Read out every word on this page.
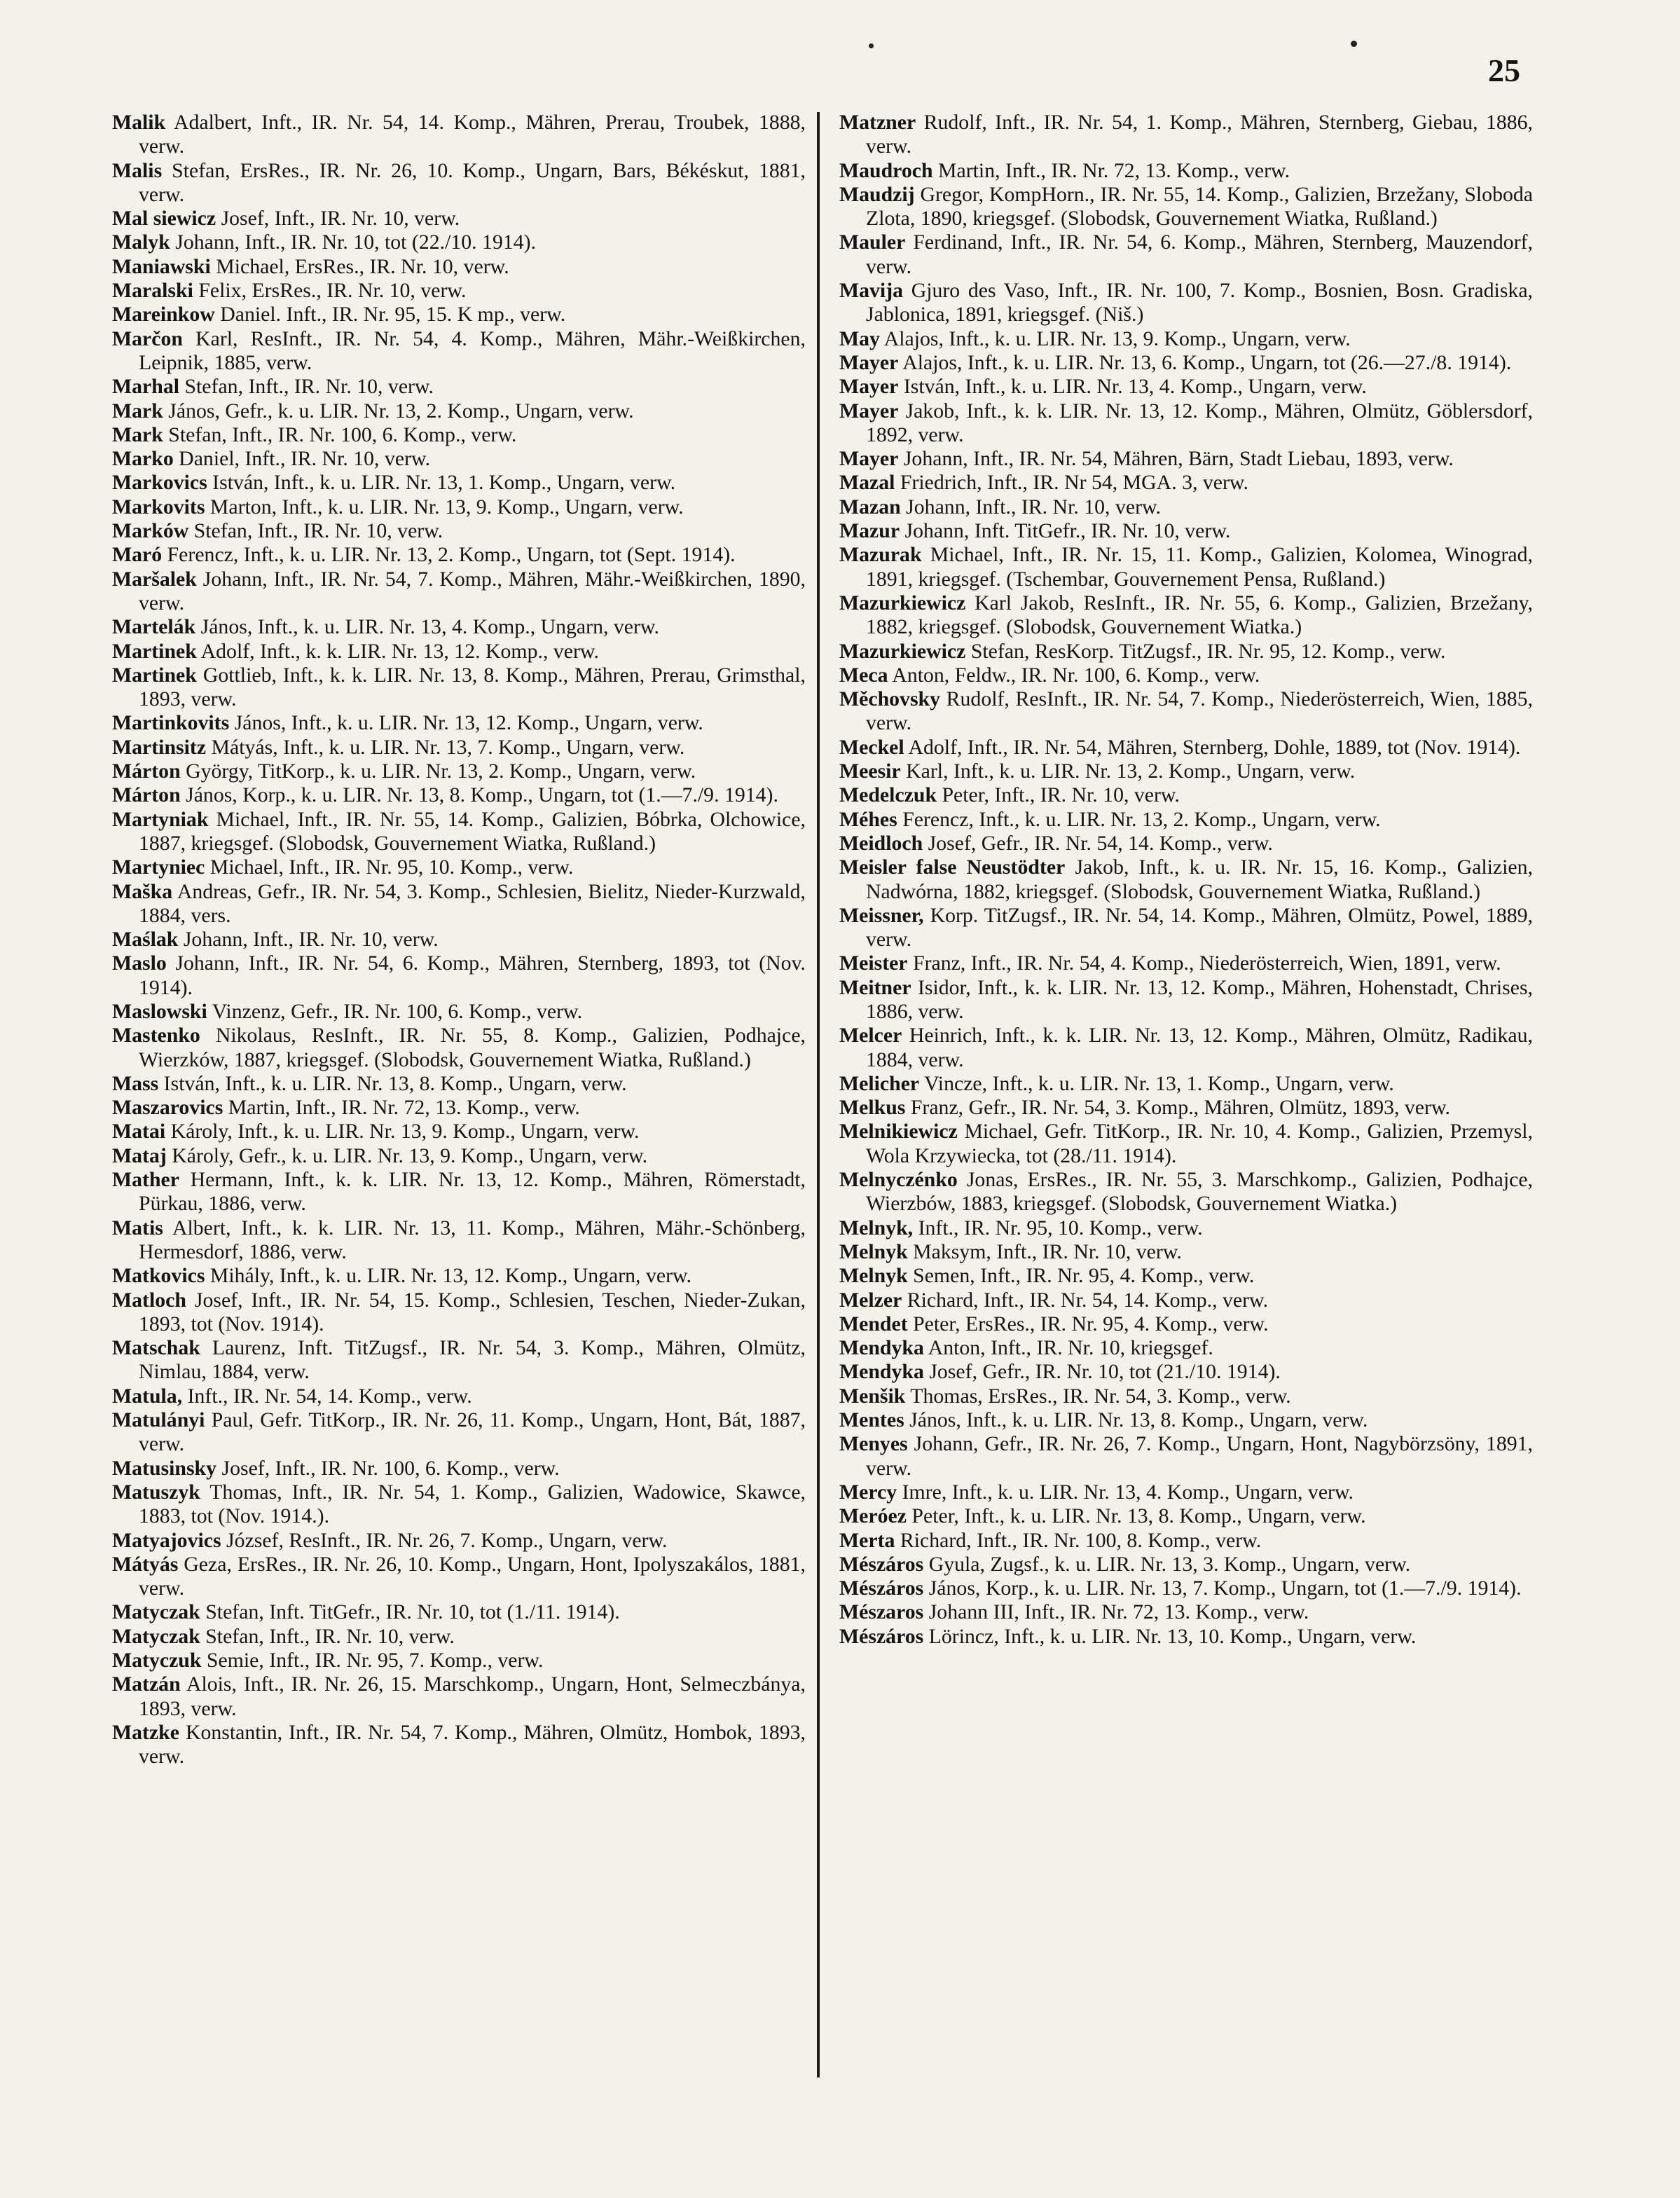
25

Malik Adalbert, Inft., IR. Nr. 54, 14. Komp., Mähren, Prerau, Troubek, 1888, verw.

Malis Stefan, ErsRes., IR. Nr. 26, 10. Komp., Ungarn, Bars, Békéskut, 1881, verw.

Mal siewicz Josef, Inft., IR. Nr. 10, verw.

Malyk Johann, Inft., IR. Nr. 10, tot (22./10. 1914).

Maniawski Michael, ErsRes., IR. Nr. 10, verw.

Maralski Felix, ErsRes., IR. Nr. 10, verw.

Mareinkow Daniel. Inft., IR. Nr. 95, 15. K mp., verw.

Marčon Karl, ResInft., IR. Nr. 54, 4. Komp., Mähren, Mähr.-Weißkirchen, Leipnik, 1885, verw.

Marhal Stefan, Inft., IR. Nr. 10, verw.

Mark János, Gefr., k. u. LIR. Nr. 13, 2. Komp., Ungarn, verw.

Mark Stefan, Inft., IR. Nr. 100, 6. Komp., verw.

Marko Daniel, Inft., IR. Nr. 10, verw.

Markovics István, Inft., k. u. LIR. Nr. 13, 1. Komp., Ungarn, verw.

Markovits Marton, Inft., k. u. LIR. Nr. 13, 9. Komp., Ungarn, verw.

Marków Stefan, Inft., IR. Nr. 10, verw.

Maró Ferencz, Inft., k. u. LIR. Nr. 13, 2. Komp., Ungarn, tot (Sept. 1914).

Maršalek Johann, Inft., IR. Nr. 54, 7. Komp., Mähren, Mähr.-Weißkirchen, 1890, verw.

Martelák János, Inft., k. u. LIR. Nr. 13, 4. Komp., Ungarn, verw.

Martinek Adolf, Inft., k. k. LIR. Nr. 13, 12. Komp., verw.

Martinek Gottlieb, Inft., k. k. LIR. Nr. 13, 8. Komp., Mähren, Prerau, Grimsthal, 1893, verw.

Martinkovits János, Inft., k. u. LIR. Nr. 13, 12. Komp., Ungarn, verw.

Martinsitz Mátyás, Inft., k. u. LIR. Nr. 13, 7. Komp., Ungarn, verw.

Márton György, TitKorp., k. u. LIR. Nr. 13, 2. Komp., Ungarn, verw.

Márton János, Korp., k. u. LIR. Nr. 13, 8. Komp., Ungarn, tot (1.—7./9. 1914).

Martyniak Michael, Inft., IR. Nr. 55, 14. Komp., Galizien, Bóbrka, Olchowice, 1887, kriegsgef. (Slobodsk, Gouvernement Wiatka, Rußland.)

Martyniec Michael, Inft., IR. Nr. 95, 10. Komp., verw.

Maška Andreas, Gefr., IR. Nr. 54, 3. Komp., Schlesien, Bielitz, Nieder-Kurzwald, 1884, vers.

Maślak Johann, Inft., IR. Nr. 10, verw.

Maslo Johann, Inft., IR. Nr. 54, 6. Komp., Mähren, Sternberg, 1893, tot (Nov. 1914).

Maslowski Vinzenz, Gefr., IR. Nr. 100, 6. Komp., verw.

Mastenko Nikolaus, ResInft., IR. Nr. 55, 8. Komp., Galizien, Podhajce, Wierzków, 1887, kriegsgef. (Slobodsk, Gouvernement Wiatka, Rußland.)

Mass István, Inft., k. u. LIR. Nr. 13, 8. Komp., Ungarn, verw.

Maszarovics Martin, Inft., IR. Nr. 72, 13. Komp., verw.

Matai Károly, Inft., k. u. LIR. Nr. 13, 9. Komp., Ungarn, verw.

Mataj Károly, Gefr., k. u. LIR. Nr. 13, 9. Komp., Ungarn, verw.

Mather Hermann, Inft., k. k. LIR. Nr. 13, 12. Komp., Mähren, Römerstadt, Pürkau, 1886, verw.

Matis Albert, Inft., k. k. LIR. Nr. 13, 11. Komp., Mähren, Mähr.-Schönberg, Hermesdorf, 1886, verw.

Matkovics Mihály, Inft., k. u. LIR. Nr. 13, 12. Komp., Ungarn, verw.

Matloch Josef, Inft., IR. Nr. 54, 15. Komp., Schlesien, Teschen, Nieder-Zukan, 1893, tot (Nov. 1914).

Matschak Laurenz, Inft. TitZugsf., IR. Nr. 54, 3. Komp., Mähren, Olmütz, Nimlau, 1884, verw.

Matula, Inft., IR. Nr. 54, 14. Komp., verw.

Matulányi Paul, Gefr. TitKorp., IR. Nr. 26, 11. Komp., Ungarn, Hont, Bát, 1887, verw.

Matusinsky Josef, Inft., IR. Nr. 100, 6. Komp., verw.

Matuszyk Thomas, Inft., IR. Nr. 54, 1. Komp., Galizien, Wadowice, Skawce, 1883, tot (Nov. 1914.).

Matyajovics József, ResInft., IR. Nr. 26, 7. Komp., Ungarn, verw.

Mátyás Geza, ErsRes., IR. Nr. 26, 10. Komp., Ungarn, Hont, Ipolyszakálos, 1881, verw.

Matyczak Stefan, Inft. TitGefr., IR. Nr. 10, tot (1./11. 1914).

Matyczak Stefan, Inft., IR. Nr. 10, verw.

Matyczuk Semie, Inft., IR. Nr. 95, 7. Komp., verw.

Matzán Alois, Inft., IR. Nr. 26, 15. Marschkomp., Ungarn, Hont, Selmeczbánya, 1893, verw.

Matzke Konstantin, Inft., IR. Nr. 54, 7. Komp., Mähren, Olmütz, Hombok, 1893, verw.

Matzner Rudolf, Inft., IR. Nr. 54, 1. Komp., Mähren, Sternberg, Giebau, 1886, verw.

Maudroch Martin, Inft., IR. Nr. 72, 13. Komp., verw.

Maudzij Gregor, KompHorn., IR. Nr. 55, 14. Komp., Galizien, Brzežany, Sloboda Zlota, 1890, kriegsgef. (Slobodsk, Gouvernement Wiatka, Rußland.)

Mauler Ferdinand, Inft., IR. Nr. 54, 6. Komp., Mähren, Sternberg, Mauzendorf, verw.

Mavija Gjuro des Vaso, Inft., IR. Nr. 100, 7. Komp., Bosnien, Bosn. Gradiska, Jablonica, 1891, kriegsgef. (Niš.)

May Alajos, Inft., k. u. LIR. Nr. 13, 9. Komp., Ungarn, verw.

Mayer Alajos, Inft., k. u. LIR. Nr. 13, 6. Komp., Ungarn, tot (26.—27./8. 1914).

Mayer István, Inft., k. u. LIR. Nr. 13, 4. Komp., Ungarn, verw.

Mayer Jakob, Inft., k. k. LIR. Nr. 13, 12. Komp., Mähren, Olmütz, Göblersdorf, 1892, verw.

Mayer Johann, Inft., IR. Nr. 54, Mähren, Bärn, Stadt Liebau, 1893, verw.

Mazal Friedrich, Inft., IR. Nr 54, MGA. 3, verw.

Mazan Johann, Inft., IR. Nr. 10, verw.

Mazur Johann, Inft. TitGefr., IR. Nr. 10, verw.

Mazurak Michael, Inft., IR. Nr. 15, 11. Komp., Galizien, Kolomea, Winograd, 1891, kriegsgef. (Tschembar, Gouvernement Pensa, Rußland.)

Mazurkiewicz Karl Jakob, ResInft., IR. Nr. 55, 6. Komp., Galizien, Brzežany, 1882, kriegsgef. (Slobodsk, Gouvernement Wiatka.)

Mazurkiewicz Stefan, ResKorp. TitZugsf., IR. Nr. 95, 12. Komp., verw.

Meca Anton, Feldw., IR. Nr. 100, 6. Komp., verw.

Měchovsky Rudolf, ResInft., IR. Nr. 54, 7. Komp., Niederösterreich, Wien, 1885, verw.

Meckel Adolf, Inft., IR. Nr. 54, Mähren, Sternberg, Dohle, 1889, tot (Nov. 1914).

Meesir Karl, Inft., k. u. LIR. Nr. 13, 2. Komp., Ungarn, verw.

Medelczuk Peter, Inft., IR. Nr. 10, verw.

Méhes Ferencz, Inft., k. u. LIR. Nr. 13, 2. Komp., Ungarn, verw.

Meidloch Josef, Gefr., IR. Nr. 54, 14. Komp., verw.

Meisler false Neustödter Jakob, Inft., k. u. IR. Nr. 15, 16. Komp., Galizien, Nadwórna, 1882, kriegsgef. (Slobodsk, Gouvernement Wiatka, Rußland.)

Meissner, Korp. TitZugsf., IR. Nr. 54, 14. Komp., Mähren, Olmütz, Powel, 1889, verw.

Meister Franz, Inft., IR. Nr. 54, 4. Komp., Niederösterreich, Wien, 1891, verw.

Meitner Isidor, Inft., k. k. LIR. Nr. 13, 12. Komp., Mähren, Hohenstadt, Chrises, 1886, verw.

Melcer Heinrich, Inft., k. k. LIR. Nr. 13, 12. Komp., Mähren, Olmütz, Radikau, 1884, verw.

Melicher Vincze, Inft., k. u. LIR. Nr. 13, 1. Komp., Ungarn, verw.

Melkus Franz, Gefr., IR. Nr. 54, 3. Komp., Mähren, Olmütz, 1893, verw.

Melnikiewicz Michael, Gefr. TitKorp., IR. Nr. 10, 4. Komp., Galizien, Przemysl, Wola Krzywiecka, tot (28./11. 1914).

Melnyczénko Jonas, ErsRes., IR. Nr. 55, 3. Marschkomp., Galizien, Podhajce, Wierzbów, 1883, kriegsgef. (Slobodsk, Gouvernement Wiatka.)

Melnyk, Inft., IR. Nr. 95, 10. Komp., verw.

Melnyk Maksym, Inft., IR. Nr. 10, verw.

Melnyk Semen, Inft., IR. Nr. 95, 4. Komp., verw.

Melzer Richard, Inft., IR. Nr. 54, 14. Komp., verw.

Mendet Peter, ErsRes., IR. Nr. 95, 4. Komp., verw.

Mendyka Anton, Inft., IR. Nr. 10, kriegsgef.

Mendyka Josef, Gefr., IR. Nr. 10, tot (21./10. 1914).

Menšik Thomas, ErsRes., IR. Nr. 54, 3. Komp., verw.

Mentes János, Inft., k. u. LIR. Nr. 13, 8. Komp., Ungarn, verw.

Menyes Johann, Gefr., IR. Nr. 26, 7. Komp., Ungarn, Hont, Nagybörzsöny, 1891, verw.

Mercy Imre, Inft., k. u. LIR. Nr. 13, 4. Komp., Ungarn, verw.

Meróez Peter, Inft., k. u. LIR. Nr. 13, 8. Komp., Ungarn, verw.

Merta Richard, Inft., IR. Nr. 100, 8. Komp., verw.

Mészáros Gyula, Zugsf., k. u. LIR. Nr. 13, 3. Komp., Ungarn, verw.

Mészáros János, Korp., k. u. LIR. Nr. 13, 7. Komp., Ungarn, tot (1.—7./9. 1914).

Mészaros Johann III, Inft., IR. Nr. 72, 13. Komp., verw.

Mészáros Lörincz, Inft., k. u. LIR. Nr. 13, 10. Komp., Ungarn, verw.
